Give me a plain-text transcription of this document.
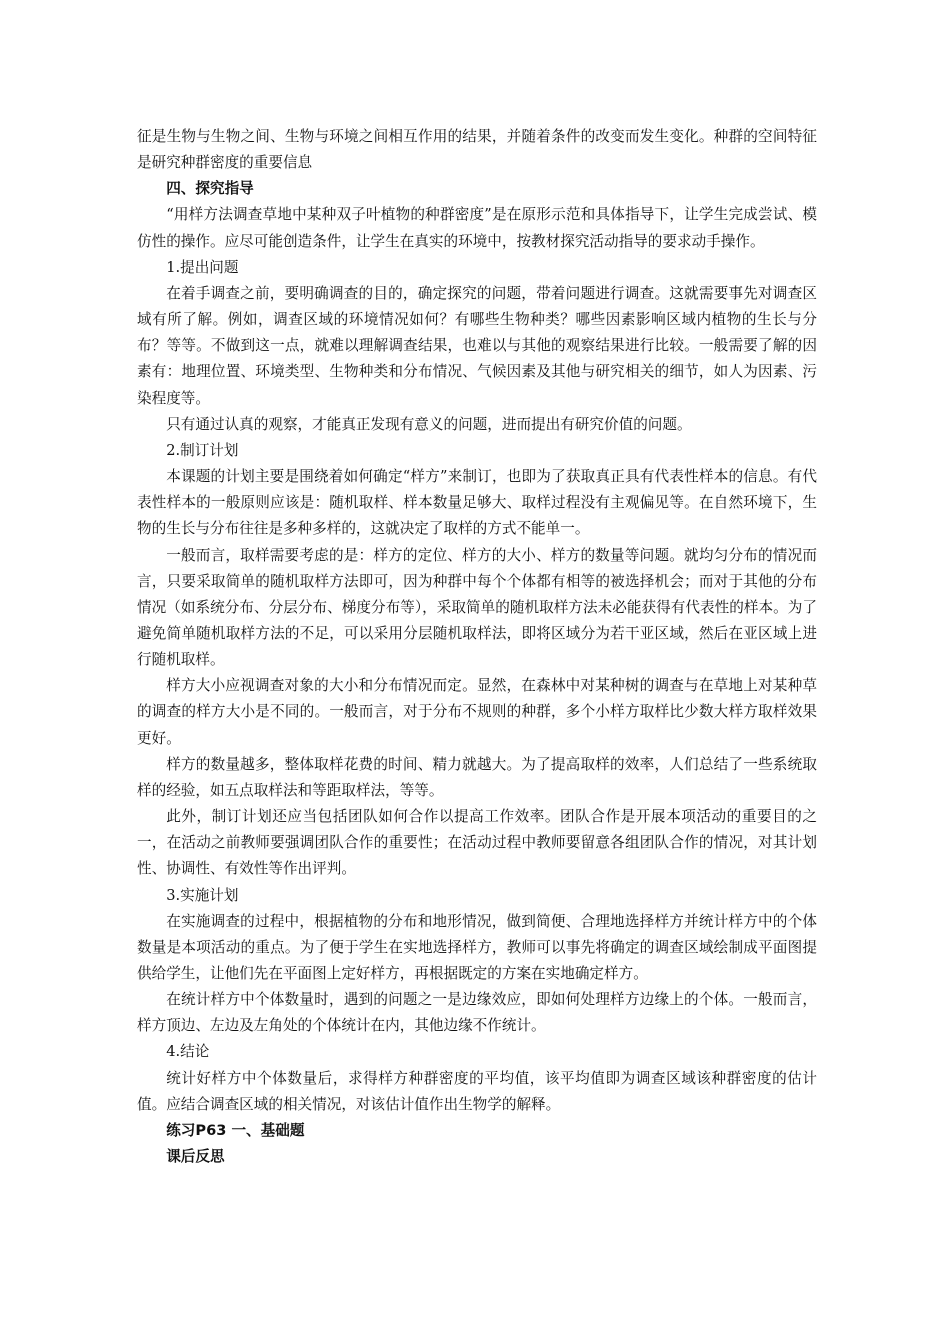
征是生物与生物之间、生物与环境之间相互作用的结果，并随着条件的改变而发生变化。种群的空间特征是研究种群密度的重要信息

四、探究指导

“用样方法调查草地中某种双子叶植物的种群密度”是在原形示范和具体指导下，让学生完成尝试、模仿性的操作。应尽可能创造条件，让学生在真实的环境中，按教材探究活动指导的要求动手操作。

1.提出问题

在着手调查之前，要明确调查的目的，确定探究的问题，带着问题进行调查。这就需要事先对调查区域有所了解。例如，调查区域的环境情况如何？有哪些生物种类？哪些因素影响区域内植物的生长与分布？等等。不做到这一点，就难以理解调查结果，也难以与其他的观察结果进行比较。一般需要了解的因素有：地理位置、环境类型、生物种类和分布情况、气候因素及其他与研究相关的细节，如人为因素、污染程度等。

只有通过认真的观察，才能真正发现有意义的问题，进而提出有研究价值的问题。

2.制订计划

本课题的计划主要是围绕着如何确定“样方”来制订，也即为了获取真正具有代表性样本的信息。有代表性样本的一般原则应该是：随机取样、样本数量足够大、取样过程没有主观偏见等。在自然环境下，生物的生长与分布往往是多种多样的，这就决定了取样的方式不能单一。

一般而言，取样需要考虑的是：样方的定位、样方的大小、样方的数量等问题。就均匀分布的情况而言，只要采取简单的随机取样方法即可，因为种群中每个个体都有相等的被选择机会；而对于其他的分布情况（如系统分布、分层分布、梯度分布等），采取简单的随机取样方法未必能获得有代表性的样本。为了避免简单随机取样方法的不足，可以采用分层随机取样法，即将区域分为若干亚区域，然后在亚区域上进行随机取样。

样方大小应视调查对象的大小和分布情况而定。显然，在森林中对某种树的调查与在草地上对某种草的调查的样方大小是不同的。一般而言，对于分布不规则的种群，多个小样方取样比少数大样方取样效果更好。

样方的数量越多，整体取样花费的时间、精力就越大。为了提高取样的效率，人们总结了一些系统取样的经验，如五点取样法和等距取样法，等等。

此外，制订计划还应当包括团队如何合作以提高工作效率。团队合作是开展本项活动的重要目的之一，在活动之前教师要强调团队合作的重要性；在活动过程中教师要留意各组团队合作的情况，对其计划性、协调性、有效性等作出评判。

3.实施计划

在实施调查的过程中，根据植物的分布和地形情况，做到简便、合理地选择样方并统计样方中的个体数量是本项活动的重点。为了便于学生在实地选择样方，教师可以事先将确定的调查区域绘制成平面图提供给学生，让他们先在平面图上定好样方，再根据既定的方案在实地确定样方。

在统计样方中个体数量时，遇到的问题之一是边缘效应，即如何处理样方边缘上的个体。一般而言，样方顶边、左边及左角处的个体统计在内，其他边缘不作统计。

4.结论

统计好样方中个体数量后，求得样方种群密度的平均值，该平均值即为调查区域该种群密度的估计值。应结合调查区域的相关情况，对该估计值作出生物学的解释。

练习P63 一、基础题

课后反思
